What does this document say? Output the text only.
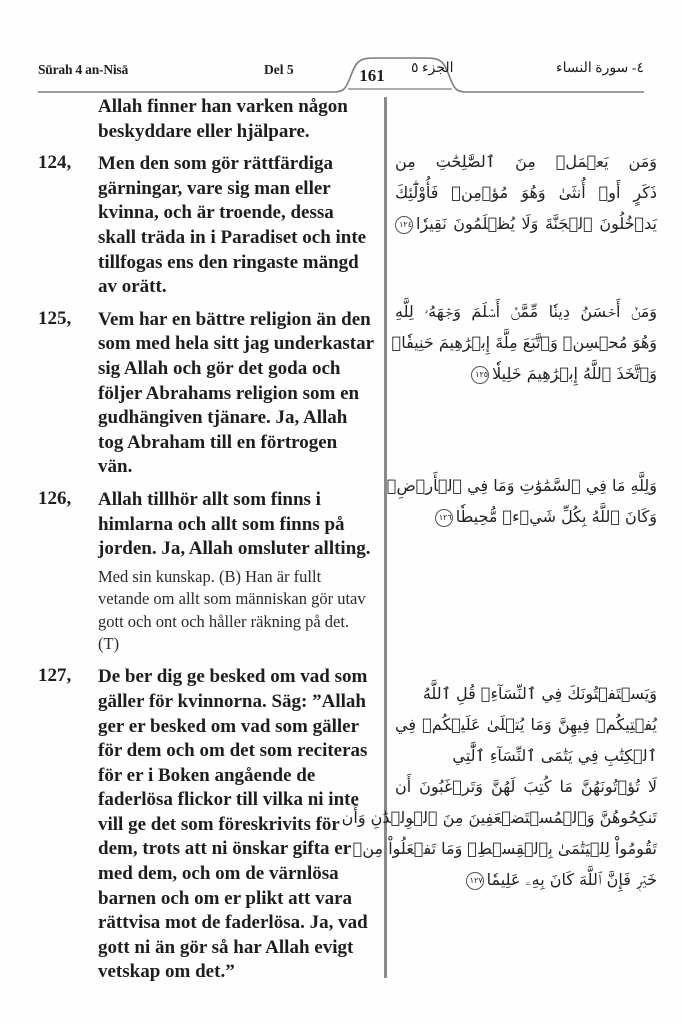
Sūrah 4 an-Nisā	Del 5	161	الجزء ٥	٤- سورة النساء
Allah finner han varken någon beskyddare eller hjälpare.
124, Men den som gör rättfärdiga gärningar, vare sig man eller kvinna, och är troende, dessa skall träda in i Paradiset och inte tillfogas ens den ringaste mängd av orätt.
125, Vem har en bättre religion än den som med hela sitt jag underkastar sig Allah och gör det goda och följer Abrahams religion som en gudhängiven tjänare. Ja, Allah tog Abraham till en förtrogen vän.
126, Allah tillhör allt som finns i himlarna och allt som finns på jorden. Ja, Allah omsluter allting.
Med sin kunskap. (B) Han är fullt vetande om allt som människan gör utav gott och ont och håller räkning på det. (T)
127, De ber dig ge besked om vad som gäller för kvinnorna. Säg: ”Allah ger er besked om vad som gäller för dem och om det som reciteras för er i Boken angående de faderlösa flickor till vilka ni inte vill ge det som föreskrivits för dem, trots att ni önskar gifta er med dem, och om de värnlösa barnen och om er plikt att vara rättvisa mot de faderlösa. Ja, vad gott ni än gör så har Allah evigt vetskap om det.”
وَمَن يَعۡمَلۡ مِنَ ٱلصَّٰلِحَٰتِ مِن
ذَكَرٍ أَوۡ أُنثَىٰ وَهُوَ مُؤۡمِنٞ فَأُوْلَٰٓئِكَ
يَدۡخُلُونَ ٱلۡجَنَّةَ وَلَا يُظۡلَمُونَ نَقِيرٗا١٢٤
وَمَنۡ أَحۡسَنُ دِينٗا مِّمَّنۡ أَسۡلَمَ وَجۡهَهُۥ لِلَّهِ
وَهُوَ مُحۡسِنٞ وَٱتَّبَعَ مِلَّةَ إِبۡرَٰهِيمَ حَنِيفٗاۗ
وَٱتَّخَذَ ٱللَّهُ إِبۡرَٰهِيمَ خَلِيلٗا١٢٥
وَلِلَّهِ مَا فِي ٱلسَّمَٰوَٰتِ وَمَا فِي ٱلۡأَرۡضِۚ
وَكَانَ ٱللَّهُ بِكُلِّ شَيۡءٖ مُّحِيطٗا١٢٦
وَيَسۡتَفۡتُونَكَ فِي ٱلنِّسَآءِۖ قُلِ ٱللَّهُ
يُفۡتِيكُمۡ فِيهِنَّ وَمَا يُتۡلَىٰ عَلَيۡكُمۡ فِي
ٱلۡكِتَٰبِ فِي يَتَٰمَى ٱلنِّسَآءِ ٱلَّٰتِي
لَا تُؤۡتُونَهُنَّ مَا كُتِبَ لَهُنَّ وَتَرۡغَبُونَ أَن
تَنكِحُوهُنَّ وَٱلۡمُسۡتَضۡعَفِينَ مِنَ ٱلۡوِلۡدَٰنِ وَأَن
تَقُومُواْ لِلۡيَتَٰمَىٰ بِٱلۡقِسۡطِۚ وَمَا تَفۡعَلُواْ مِنۡ
خَيۡرٖ فَإِنَّ ٱللَّهَ كَانَ بِهِۦ عَلِيمٗا١٢٧
